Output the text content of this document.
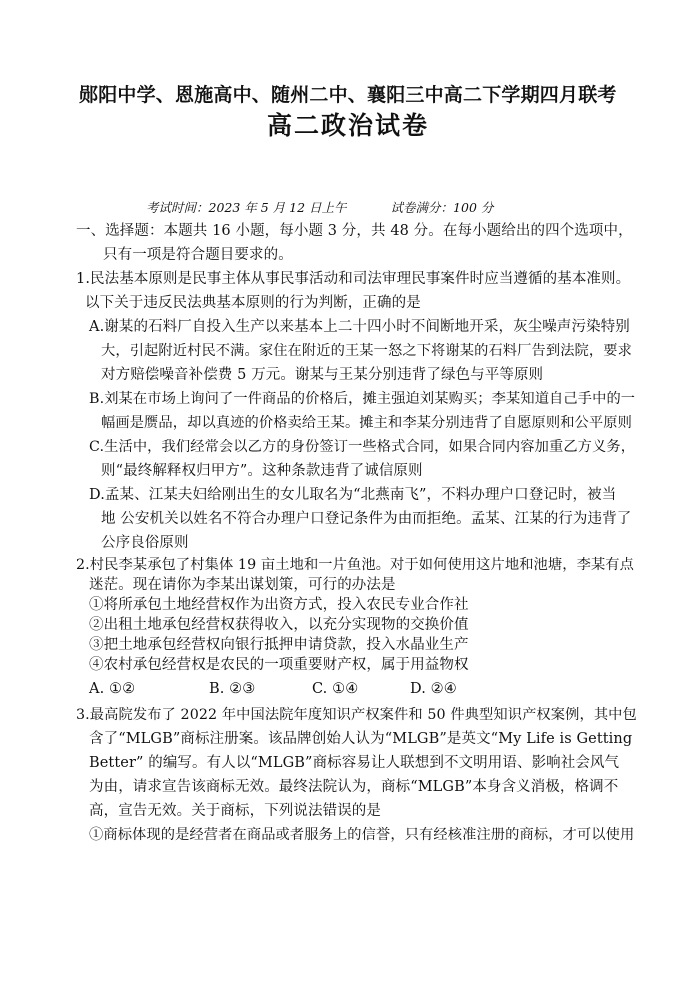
郧阳中学、恩施高中、随州二中、襄阳三中高二下学期四月联考
高二政治试卷
考试时间：2023 年 5 月 12 日上午	试卷满分：100 分
一、选择题：本题共 16 小题，每小题 3 分，共 48 分。在每小题给出的四个选项中，
只有一项是符合题目要求的。
1.民法基本原则是民事主体从事民事活动和司法审理民事案件时应当遵循的基本准则。
以下关于违反民法典基本原则的行为判断，正确的是
A.谢某的石料厂自投入生产以来基本上二十四小时不间断地开采，灰尘噪声污染特别
大，引起附近村民不满。家住在附近的王某一怒之下将谢某的石料厂告到法院，要求
对方赔偿噪音补偿费 5 万元。谢某与王某分别违背了绿色与平等原则
B.刘某在市场上询问了一件商品的价格后，摊主强迫刘某购买；李某知道自己手中的一
幅画是赝品，却以真迹的价格卖给王某。摊主和李某分别违背了自愿原则和公平原则
C.生活中，我们经常会以乙方的身份签订一些格式合同，如果合同内容加重乙方义务，
则“最终解释权归甲方”。这种条款违背了诚信原则
D.孟某、江某夫妇给刚出生的女儿取名为“北燕南飞”，不料办理户口登记时，被当
地 公安机关以姓名不符合办理户口登记条件为由而拒绝。孟某、江某的行为违背了
公序良俗原则
2.村民李某承包了村集体 19 亩土地和一片鱼池。对于如何使用这片地和池塘，李某有点
迷茫。现在请你为李某出谋划策，可行的办法是
①将所承包土地经营权作为出资方式，投入农民专业合作社
②出租土地承包经营权获得收入，以充分实现物的交换价值
③把土地承包经营权向银行抵押申请贷款，投入水晶业生产
④农村承包经营权是农民的一项重要财产权，属于用益物权
A. ①②	B. ②③	C. ①④	D. ②④
3.最高院发布了 2022 年中国法院年度知识产权案件和 50 件典型知识产权案例，其中包
含了“MLGB”商标注册案。该品牌创始人认为“MLGB”是英文“My Life is Getting
Better” 的编写。有人以“MLGB”商标容易让人联想到不文明用语、影响社会风气
为由，请求宣告该商标无效。最终法院认为，商标“MLGB”本身含义消极，格调不
高，宣告无效。关于商标，下列说法错误的是
①商标体现的是经营者在商品或者服务上的信誉，只有经核准注册的商标，才可以使用
